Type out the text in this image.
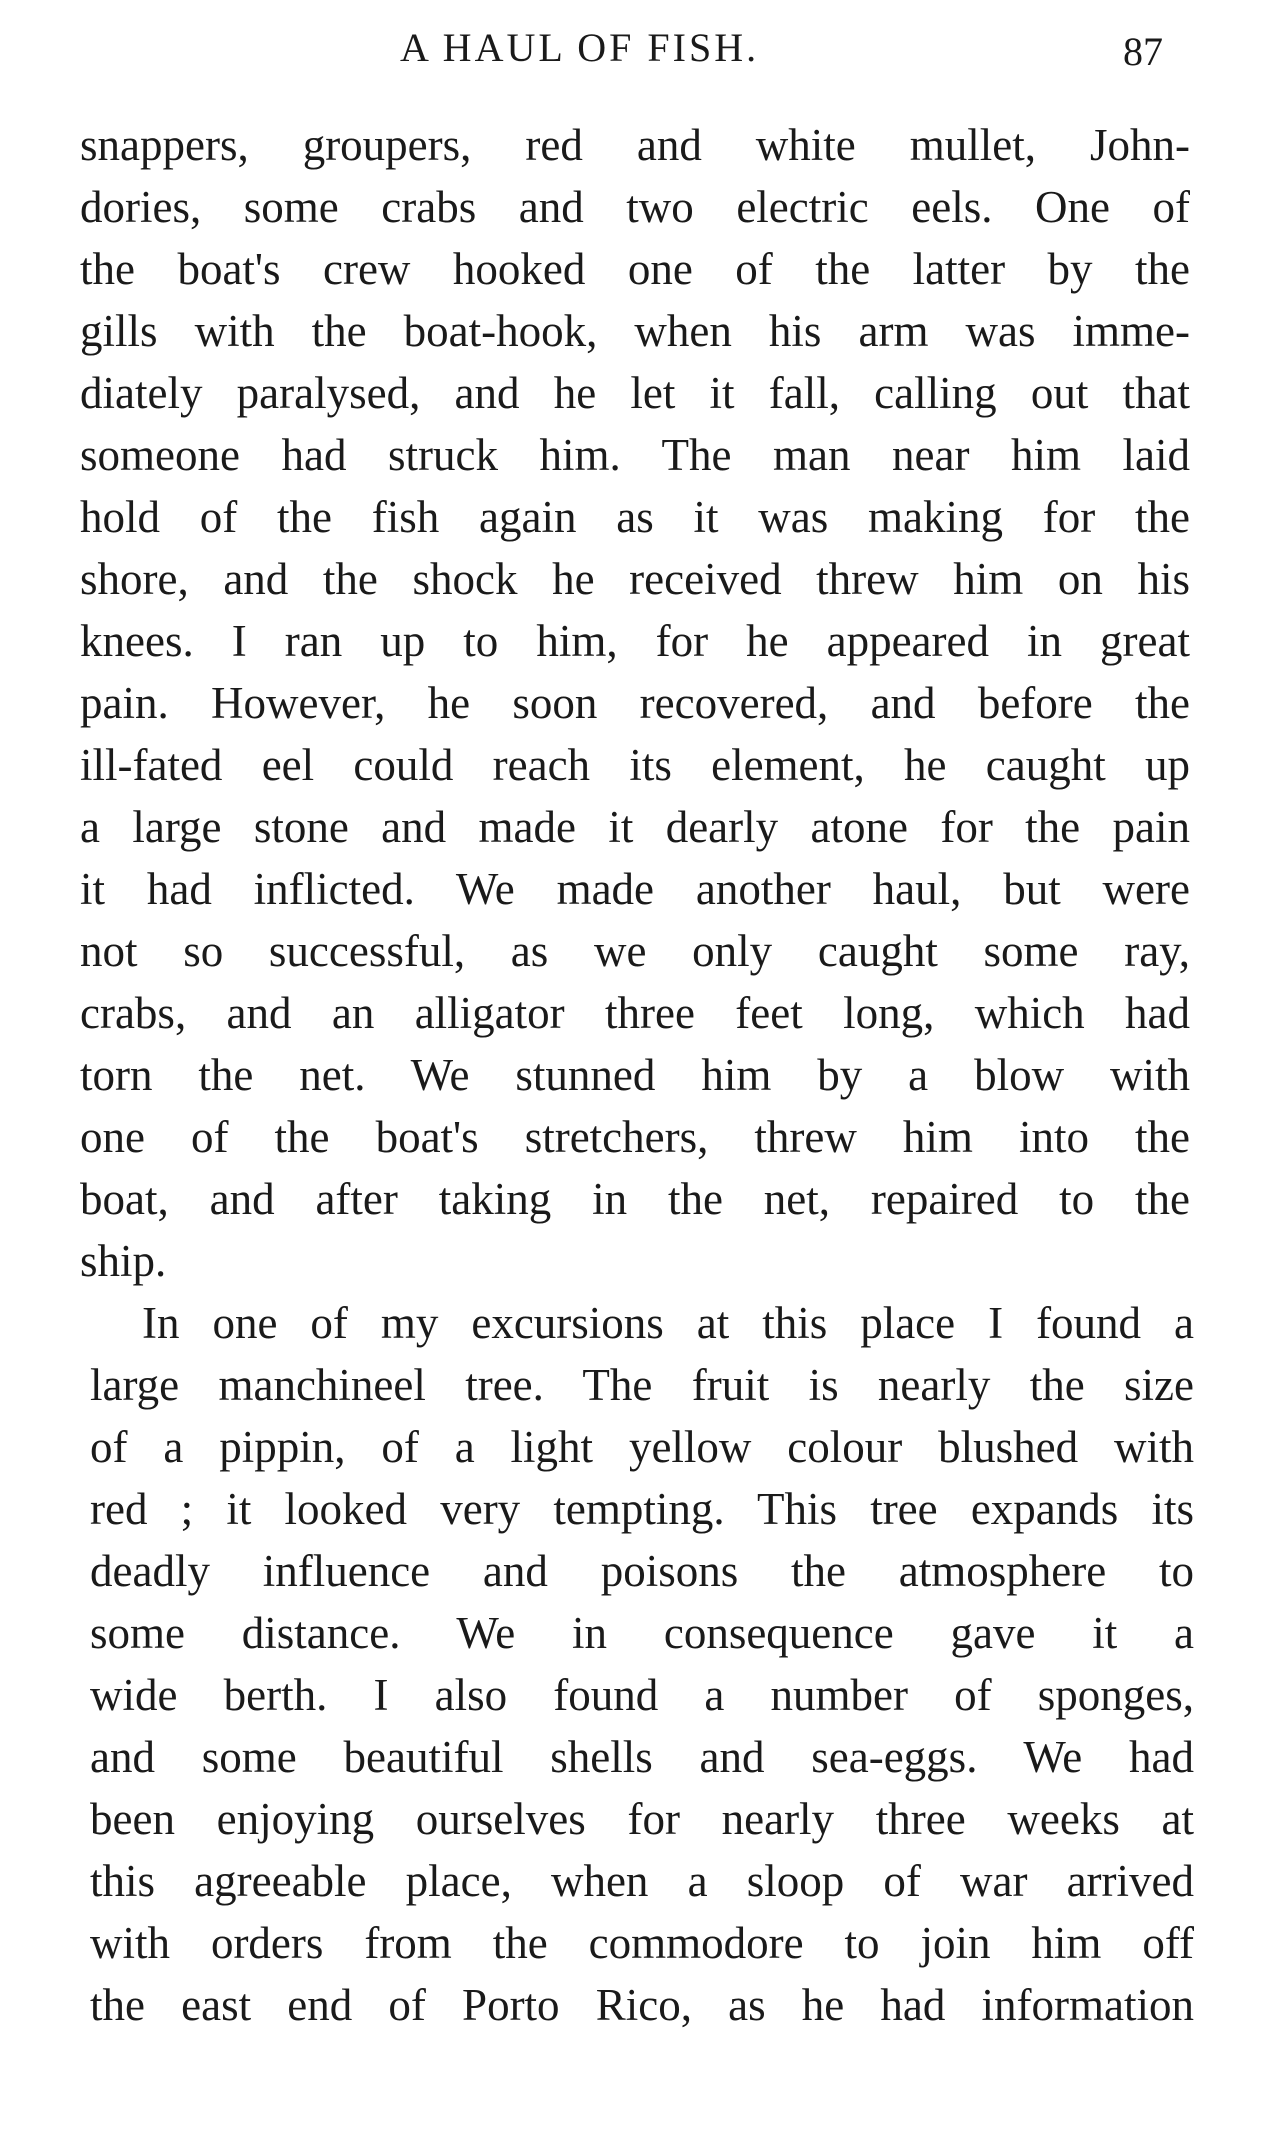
A HAUL OF FISH.	87
snappers, groupers, red and white mullet, John-
dories, some crabs and two electric eels. One of
the boat's crew hooked one of the latter by the
gills with the boat-hook, when his arm was imme-
diately paralysed, and he let it fall, calling out that
someone had struck him. The man near him laid
hold of the fish again as it was making for the
shore, and the shock he received threw him on his
knees. I ran up to him, for he appeared in great
pain. However, he soon recovered, and before the
ill-fated eel could reach its element, he caught up
a large stone and made it dearly atone for the pain
it had inflicted. We made another haul, but were
not so successful, as we only caught some ray,
crabs, and an alligator three feet long, which had
torn the net. We stunned him by a blow with
one of the boat's stretchers, threw him into the
boat, and after taking in the net, repaired to the
ship.
In one of my excursions at this place I found a
large manchineel tree. The fruit is nearly the size
of a pippin, of a light yellow colour blushed with
red ; it looked very tempting. This tree expands its
deadly influence and poisons the atmosphere to
some distance. We in consequence gave it a
wide berth. I also found a number of sponges,
and some beautiful shells and sea-eggs. We had
been enjoying ourselves for nearly three weeks at
this agreeable place, when a sloop of war arrived
with orders from the commodore to join him off
the east end of Porto Rico, as he had information
